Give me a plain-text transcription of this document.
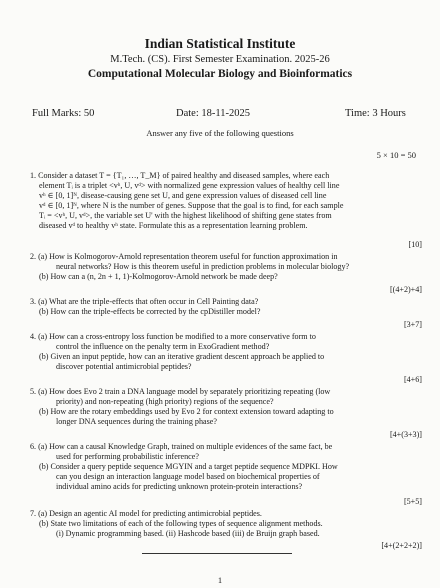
Indian Statistical Institute
M.Tech. (CS). First Semester Examination. 2025-26
Computational Molecular Biology and Bioinformatics
Full Marks: 50	Date: 18-11-2025	Time: 3 Hours
Answer any five of the following questions
5 × 10 = 50
1. Consider a dataset T = {T₁, …, T_M} of paired healthy and diseased samples, where each
element Tᵢ is a triplet <vʰ, U, vᵈ> with normalized gene expression values of healthy cell line
vʰ ∈ [0, 1]ᴺ, disease-causing gene set U, and gene expression values of diseased cell line
vᵈ ∈ [0, 1]ᴺ, where N is the number of genes. Suppose that the goal is to find, for each sample
Tᵢ = <vʰ, U, vᵈ>, the variable set U' with the highest likelihood of shifting gene states from
diseased vᵈ to healthy vʰ state. Formulate this as a representation learning problem.
[10]
2. (a) How is Kolmogorov-Arnold representation theorem useful for function approximation in
neural networks? How is this theorem useful in prediction problems in molecular biology?
(b) How can a (n, 2n + 1, 1)-Kolmogorov-Arnold network be made deep?
[(4+2)+4]
3. (a) What are the triple-effects that often occur in Cell Painting data?
(b) How can the triple-effects be corrected by the cpDistiller model?
[3+7]
4. (a) How can a cross-entropy loss function be modified to a more conservative form to
control the influence on the penalty term in ExoGradient method?
(b) Given an input peptide, how can an iterative gradient descent approach be applied to
discover potential antimicrobial peptides?
[4+6]
5. (a) How does Evo 2 train a DNA language model by separately prioritizing repeating (low
priority) and non-repeating (high priority) regions of the sequence?
(b) How are the rotary embeddings used by Evo 2 for context extension toward adapting to
longer DNA sequences during the training phase?
[4+(3+3)]
6. (a) How can a causal Knowledge Graph, trained on multiple evidences of the same fact, be
used for performing probabilistic inference?
(b) Consider a query peptide sequence MGYIN and a target peptide sequence MDPKI. How
can you design an interaction language model based on biochemical properties of
individual amino acids for predicting unknown protein-protein interactions?
[5+5]
7. (a) Design an agentic AI model for predicting antimicrobial peptides.
(b) State two limitations of each of the following types of sequence alignment methods.
(i) Dynamic programming based. (ii) Hashcode based (iii) de Bruijn graph based.
[4+(2+2+2)]
1
